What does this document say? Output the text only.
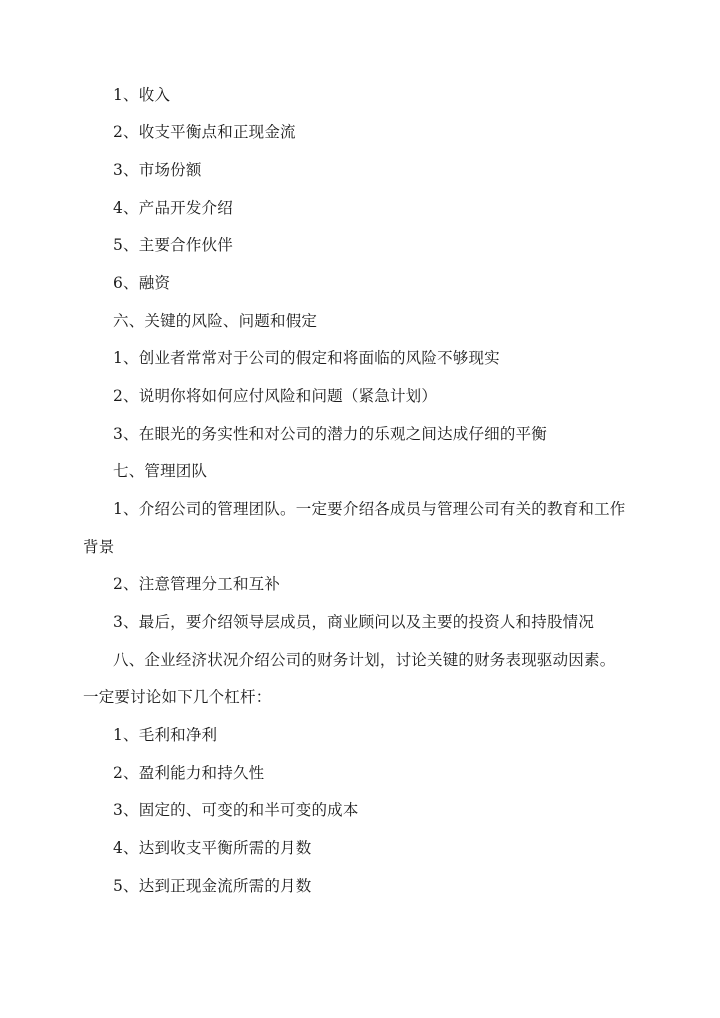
1、收入
2、收支平衡点和正现金流
3、市场份额
4、产品开发介绍
5、主要合作伙伴
6、融资
六、关键的风险、问题和假定
1、创业者常常对于公司的假定和将面临的风险不够现实
2、说明你将如何应付风险和问题（紧急计划）
3、在眼光的务实性和对公司的潜力的乐观之间达成仔细的平衡
七、管理团队
1、介绍公司的管理团队。一定要介绍各成员与管理公司有关的教育和工作
背景
2、注意管理分工和互补
3、最后，要介绍领导层成员，商业顾问以及主要的投资人和持股情况
八、企业经济状况介绍公司的财务计划，讨论关键的财务表现驱动因素。
一定要讨论如下几个杠杆：
1、毛利和净利
2、盈利能力和持久性
3、固定的、可变的和半可变的成本
4、达到收支平衡所需的月数
5、达到正现金流所需的月数
